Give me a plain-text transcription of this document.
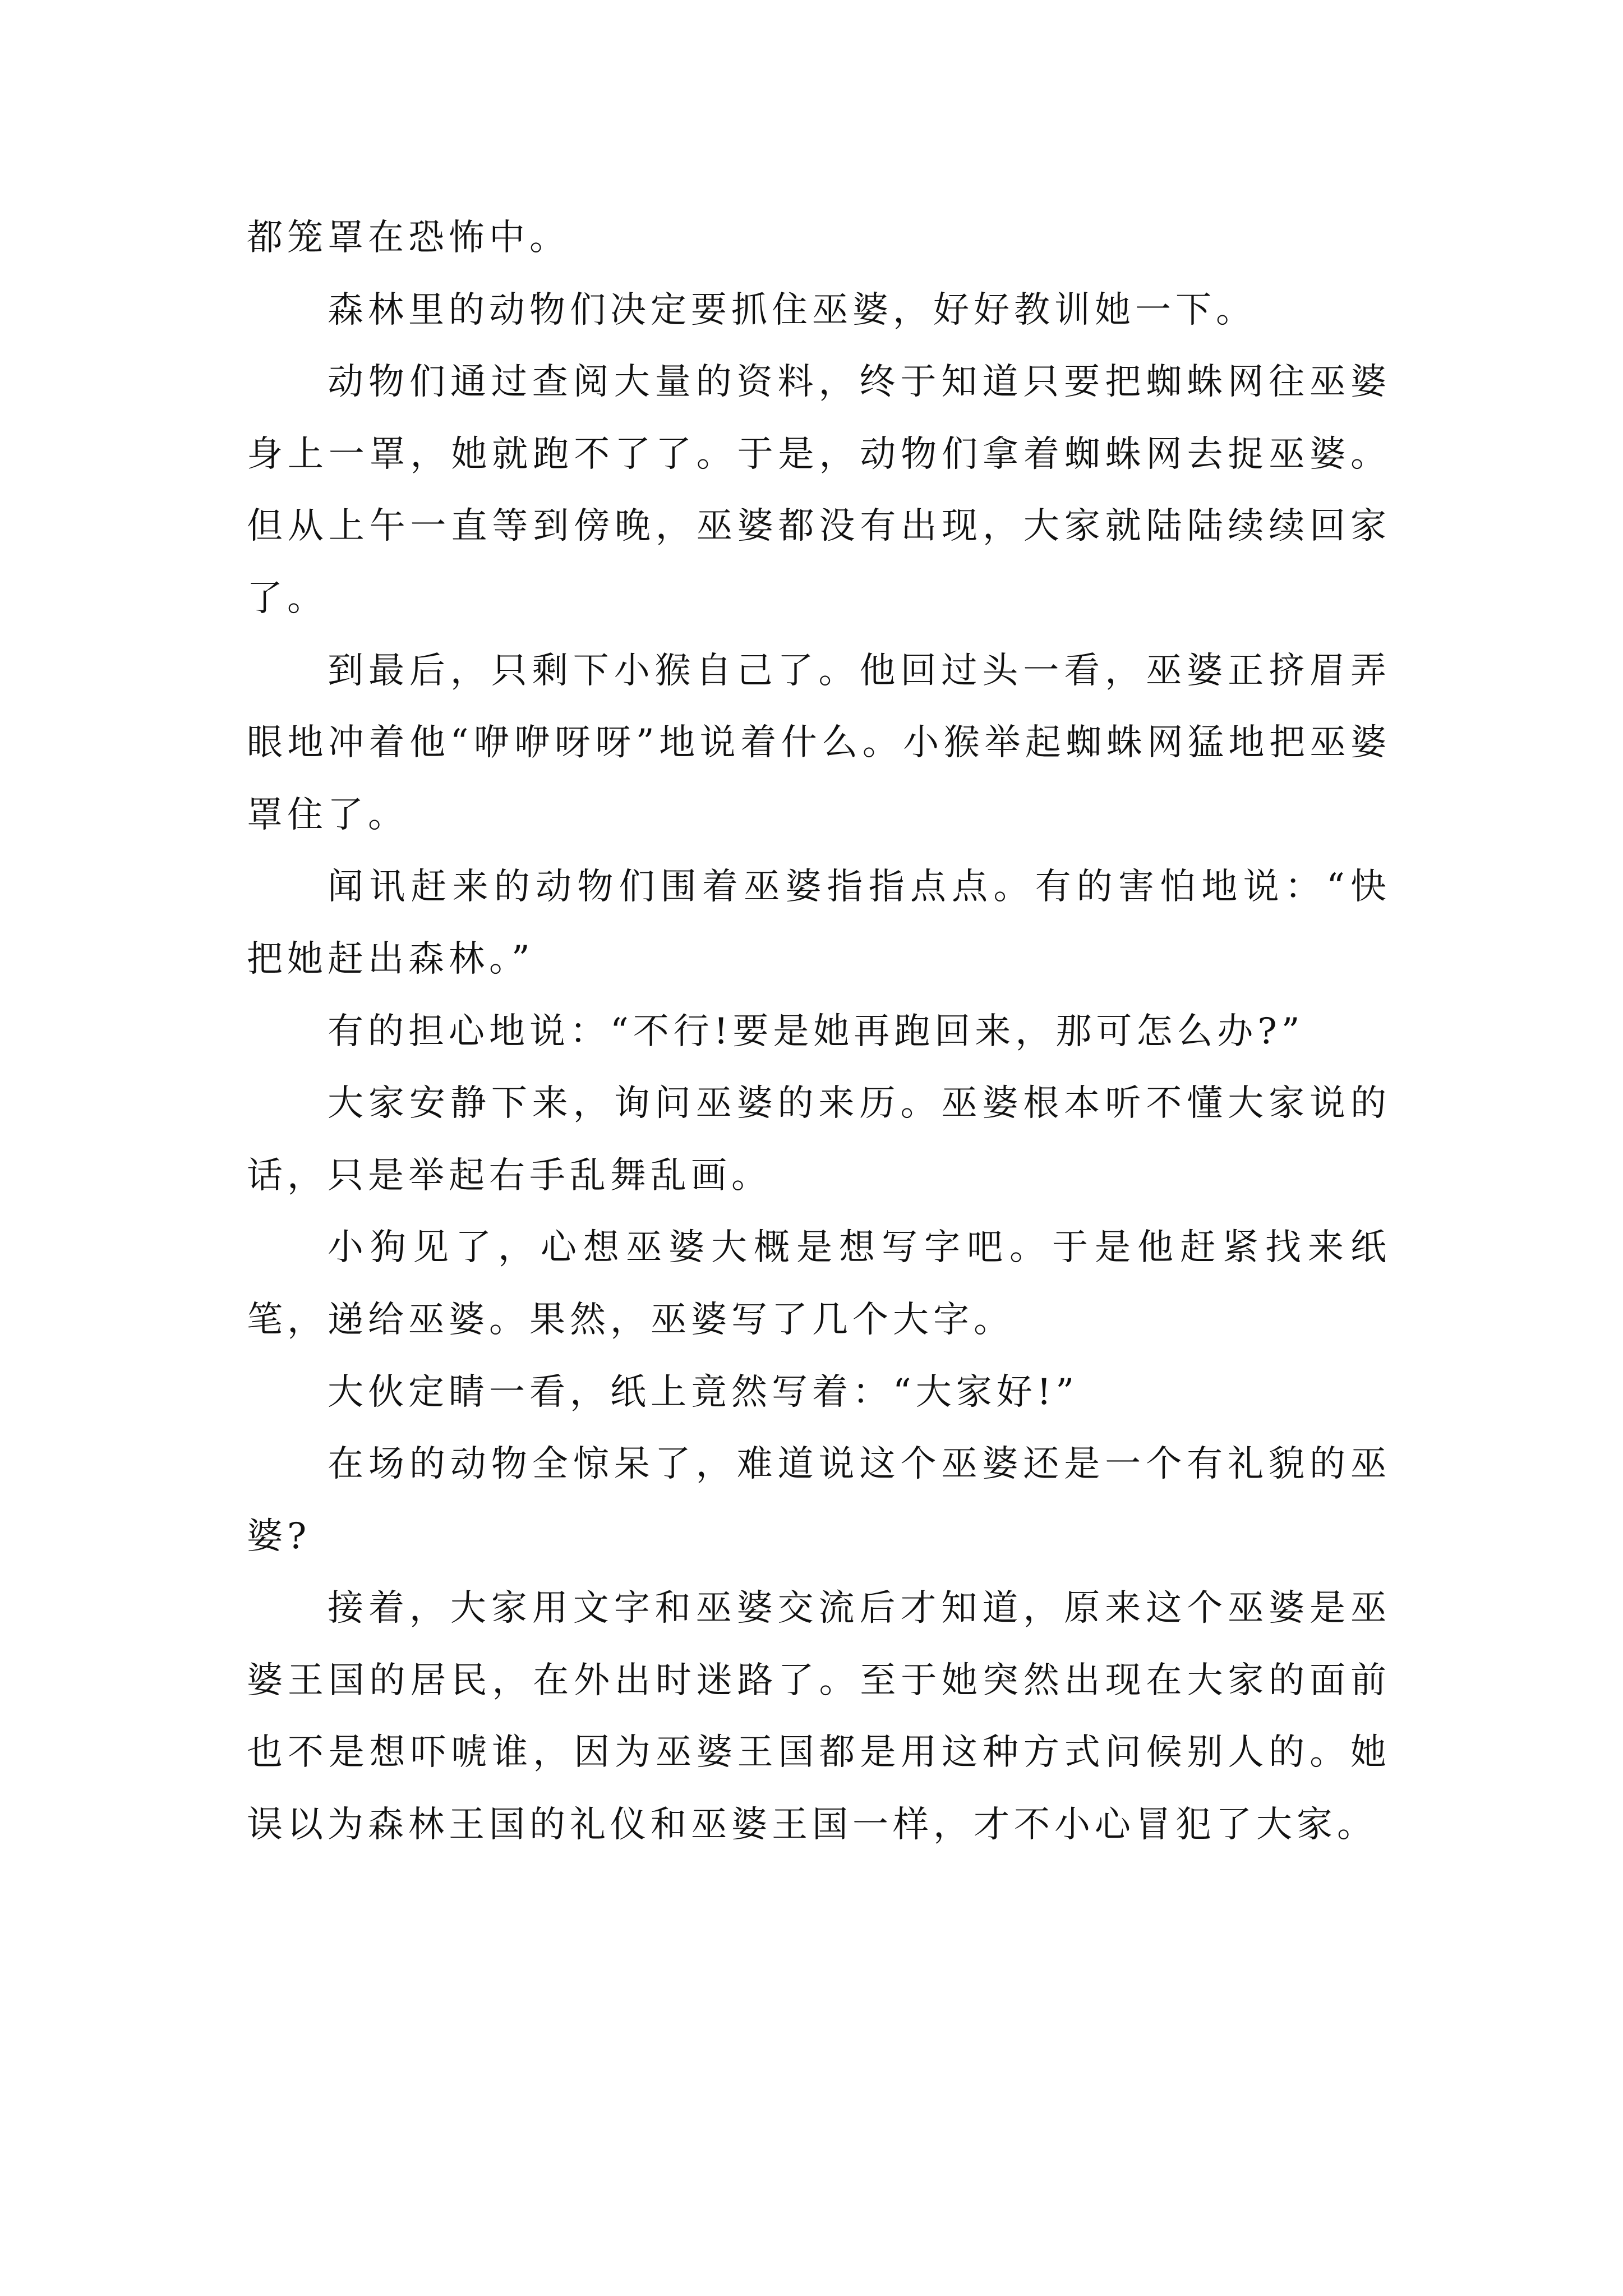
都笼罩在恐怖中。

森林里的动物们决定要抓住巫婆，好好教训她一下。

动物们通过查阅大量的资料，终于知道只要把蜘蛛网往巫婆身上一罩，她就跑不了了。于是，动物们拿着蜘蛛网去捉巫婆。但从上午一直等到傍晚，巫婆都没有出现，大家就陆陆续续回家了。

到最后，只剩下小猴自己了。他回过头一看，巫婆正挤眉弄眼地冲着他“咿咿呀呀”地说着什么。小猴举起蜘蛛网猛地把巫婆罩住了。

闻讯赶来的动物们围着巫婆指指点点。有的害怕地说：“快把她赶出森林。”

有的担心地说：“不行!要是她再跑回来，那可怎么办?”

大家安静下来，询问巫婆的来历。巫婆根本听不懂大家说的话，只是举起右手乱舞乱画。

小狗见了，心想巫婆大概是想写字吧。于是他赶紧找来纸笔，递给巫婆。果然，巫婆写了几个大字。

大伙定睛一看，纸上竟然写着：“大家好!”

在场的动物全惊呆了，难道说这个巫婆还是一个有礼貌的巫婆?

接着，大家用文字和巫婆交流后才知道，原来这个巫婆是巫婆王国的居民，在外出时迷路了。至于她突然出现在大家的面前也不是想吓唬谁，因为巫婆王国都是用这种方式问候别人的。她误以为森林王国的礼仪和巫婆王国一样，才不小心冒犯了大家。
